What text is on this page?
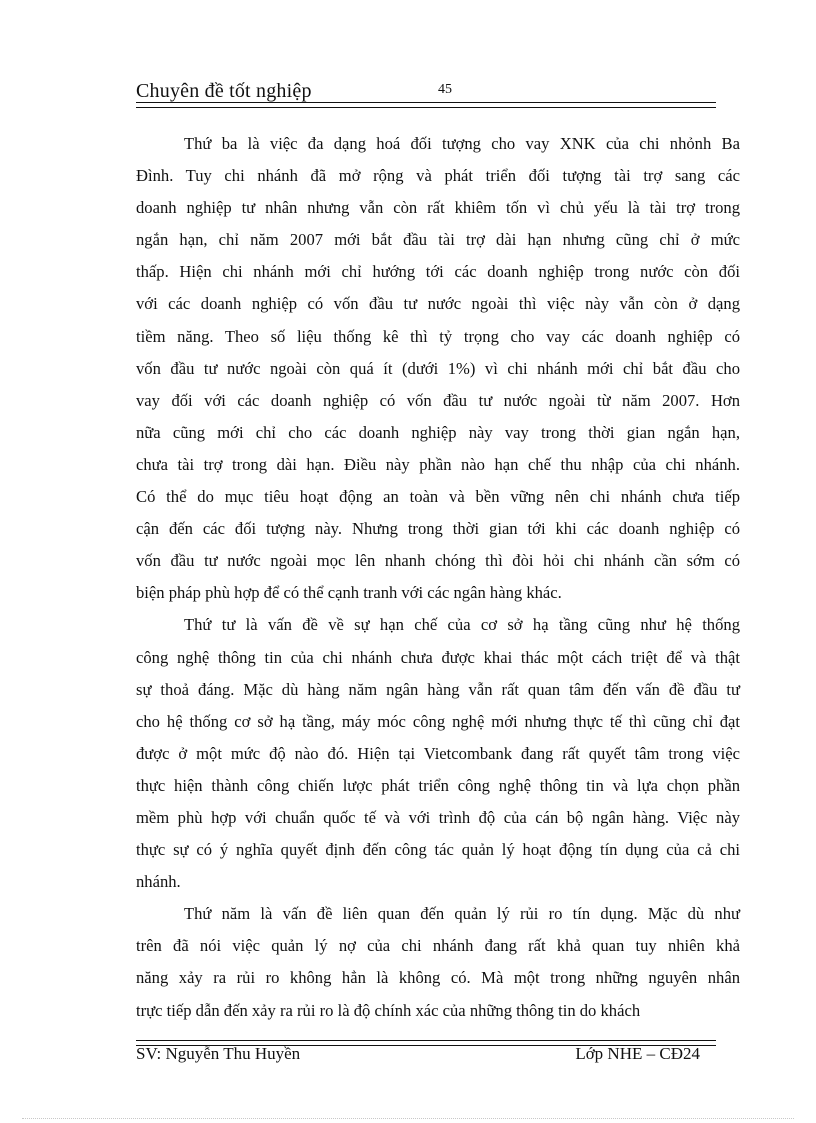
Chuyên đề tốt nghiệp	45
Thứ ba là việc đa dạng hoá đối tượng cho vay XNK của chi nhỏnh Ba
Đình. Tuy chi nhánh đã mở rộng và phát triển đối tượng tài trợ sang các
doanh nghiệp tư nhân nhưng vẫn còn rất khiêm tốn vì chủ yếu là tài trợ trong
ngắn hạn, chỉ năm 2007 mới bắt đầu tài trợ dài hạn nhưng cũng chỉ ở mức
thấp. Hiện chi nhánh mới chỉ hướng tới các doanh nghiệp trong nước còn đối
với các doanh nghiệp có vốn đầu tư nước ngoài thì việc này vẫn còn ở dạng
tiềm năng. Theo số liệu thống kê thì tỷ trọng cho vay các doanh nghiệp có
vốn đầu tư nước ngoài còn quá ít (dưới 1%) vì chi nhánh mới chỉ bắt đầu cho
vay đối với các doanh nghiệp có vốn đầu tư nước ngoài từ năm 2007. Hơn
nữa cũng mới chỉ cho các doanh nghiệp này vay trong thời gian ngắn hạn,
chưa tài trợ trong dài hạn. Điều này phần nào hạn chế thu nhập của chi nhánh.
Có thể do mục tiêu hoạt động an toàn và bền vững nên chi nhánh chưa tiếp
cận đến các đối tượng này. Nhưng trong thời gian tới khi các doanh nghiệp có
vốn đầu tư nước ngoài mọc lên nhanh chóng thì đòi hỏi chi nhánh cần sớm có
biện pháp phù hợp để có thể cạnh tranh với các ngân hàng khác.
Thứ tư là vấn đề về sự hạn chế của cơ sở hạ tầng cũng như hệ thống
công nghệ thông tin của chi nhánh chưa được khai thác một cách triệt để và thật
sự thoả đáng. Mặc dù hàng năm ngân hàng vẫn rất quan tâm đến vấn đề đầu tư
cho hệ thống cơ sở hạ tầng, máy móc công nghệ mới nhưng thực tế thì cũng chỉ đạt
được ở một mức độ nào đó. Hiện tại Vietcombank đang rất quyết tâm trong việc
thực hiện thành công chiến lược phát triển công nghệ thông tin và lựa chọn phần
mềm phù hợp với chuẩn quốc tế và với trình độ của cán bộ ngân hàng. Việc này
thực sự có ý nghĩa quyết định đến công tác quản lý hoạt động tín dụng của cả chi
nhánh.
Thứ năm là vấn đề liên quan đến quản lý rủi ro tín dụng. Mặc dù như
trên đã nói việc quản lý nợ của chi nhánh đang rất khả quan tuy nhiên khả
năng xảy ra rủi ro không hẳn là không có. Mà một trong những nguyên nhân
trực tiếp dẫn đến xảy ra rủi ro là độ chính xác của những thông tin do khách
SV: Nguyễn Thu Huyền	Lớp NHE – CĐ24
